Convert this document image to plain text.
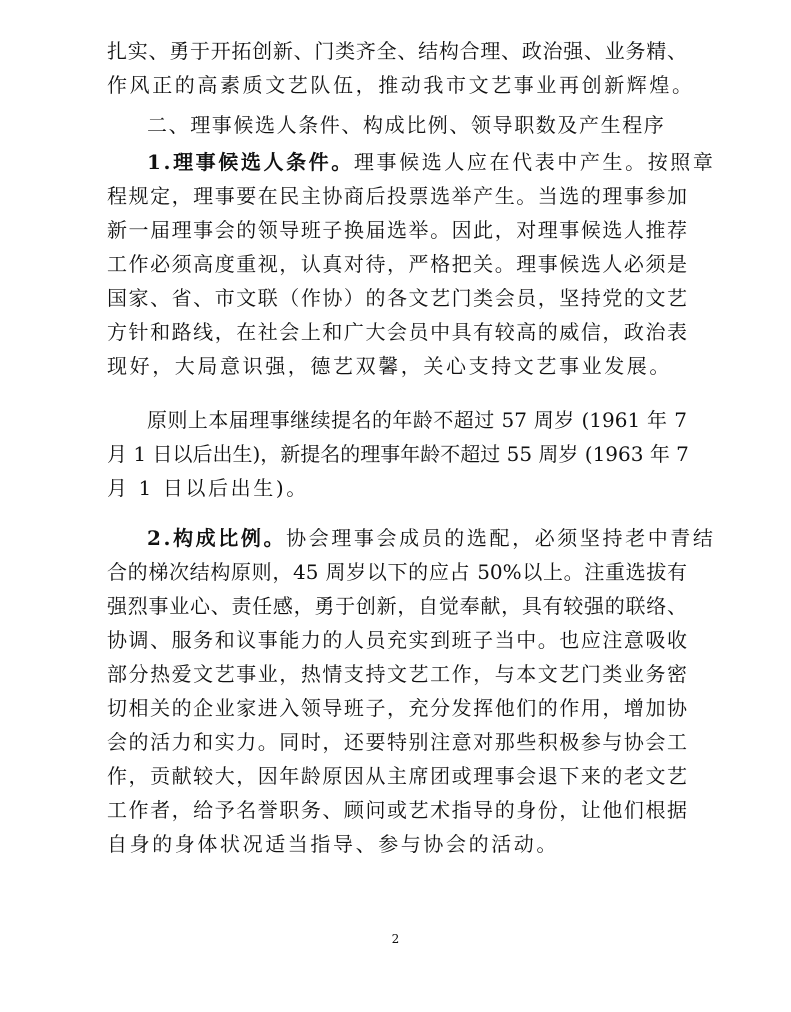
扎实、勇于开拓创新、门类齐全、结构合理、政治强、业务精、
作风正的高素质文艺队伍，推动我市文艺事业再创新辉煌。
二、理事候选人条件、构成比例、领导职数及产生程序
1.理事候选人条件。理事候选人应在代表中产生。按照章
程规定，理事要在民主协商后投票选举产生。当选的理事参加
新一届理事会的领导班子换届选举。因此，对理事候选人推荐
工作必须高度重视，认真对待，严格把关。理事候选人必须是
国家、省、市文联（作协）的各文艺门类会员，坚持党的文艺
方针和路线，在社会上和广大会员中具有较高的威信，政治表
现好，大局意识强，德艺双馨，关心支持文艺事业发展。
原则上本届理事继续提名的年龄不超过 57 周岁 (1961 年 7
月 1 日以后出生)，新提名的理事年龄不超过 55 周岁 (1963 年 7
月 1 日以后出生)。
2.构成比例。协会理事会成员的选配，必须坚持老中青结
合的梯次结构原则，45 周岁以下的应占 50%以上。注重选拔有
强烈事业心、责任感，勇于创新，自觉奉献，具有较强的联络、
协调、服务和议事能力的人员充实到班子当中。也应注意吸收
部分热爱文艺事业，热情支持文艺工作，与本文艺门类业务密
切相关的企业家进入领导班子，充分发挥他们的作用，增加协
会的活力和实力。同时，还要特别注意对那些积极参与协会工
作，贡献较大，因年龄原因从主席团或理事会退下来的老文艺
工作者，给予名誉职务、顾问或艺术指导的身份，让他们根据
自身的身体状况适当指导、参与协会的活动。
2
